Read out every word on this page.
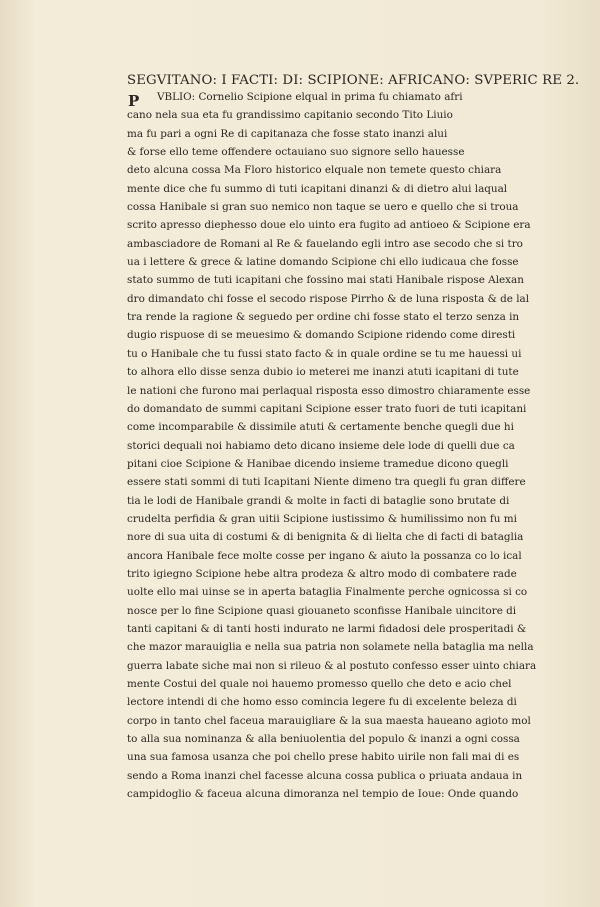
SEGVITANO: I FACTI: DI: SCIPIONE: AFRICANO: SVPERIC RE 2.
P	VBLIO: Cornelio Scipione elqual in prima fu chiamato afri
cano nela sua eta fu grandissimo capitanio secondo Tito Liuio
ma fu pari a ogni Re di capitanaza che fosse stato inanzi alui
& forse ello teme offendere octauiano suo signore sello hauesse
deto alcuna cossa Ma Floro historico elquale non temete questo chiara
mente dice che fu summo di tuti icapitani dinanzi & di dietro alui laqual
cossa Hanibale si gran suo nemico non taque se uero e quello che si troua
scrito apresso diephesso doue elo uinto era fugito ad antioeo & Scipione era
ambasciadore de Romani al Re & fauelando egli intro ase secodo che si tro
ua i lettere & grece & latine domando Scipione chi ello iudicaua che fosse
stato summo de tuti icapitani che fossino mai stati Hanibale rispose Alexan
dro dimandato chi fosse el secodo rispose Pirrho & de luna risposta & de lal
tra rende la ragione & seguedo per ordine chi fosse stato el terzo senza in
dugio rispuose di se meuesimo & domando Scipione ridendo come diresti
tu o Hanibale che tu fussi stato facto & in quale ordine se tu me hauessi ui
to alhora ello disse senza dubio io meterei me inanzi atuti icapitani di tute
le nationi che furono mai perlaqual risposta esso dimostro chiaramente esse
do domandato de summi capitani Scipione esser trato fuori de tuti icapitani
come incomparabile & dissimile atuti & certamente benche quegli due hi
storici dequali noi habiamo deto dicano insieme dele lode di quelli due ca
pitani cioe Scipione & Hanibae dicendo insieme tramedue dicono quegli
essere stati sommi di tuti Icapitani Niente dimeno tra quegli fu gran differe
tia le lodi de Hanibale grandi & molte in facti di bataglie sono brutate di
crudelta perfidia & gran uitii Scipione iustissimo & humilissimo non fu mi
nore di sua uita di costumi & di benignita & di lielta che di facti di bataglia
ancora Hanibale fece molte cosse per ingano & aiuto la possanza co lo ical
trito igiegno Scipione hebe altra prodeza & altro modo di combatere rade
uolte ello mai uinse se in aperta bataglia Finalmente perche ognicossa si co
nosce per lo fine Scipione quasi giouaneto sconfisse Hanibale uincitore di
tanti capitani & di tanti hosti indurato ne larmi fidadosi dele prosperitadi &
che mazor marauiglia e nella sua patria non solamete nella bataglia ma nella
guerra labate siche mai non si rileuo & al postuto confesso esser uinto chiara
mente Costui del quale noi hauemo promesso quello che deto e acio chel
lectore intendi di che homo esso comincia legere fu di excelente beleza di
corpo in tanto chel faceua marauigliare & la sua maesta haueano agioto mol
to alla sua nominanza & alla beniuolentia del populo & inanzi a ogni cossa
una sua famosa usanza che poi chello prese habito uirile non fali mai di es
sendo a Roma inanzi chel facesse alcuna cossa publica o priuata andaua in
campidoglio & faceua alcuna dimoranza nel tempio de Ioue: Onde quando
